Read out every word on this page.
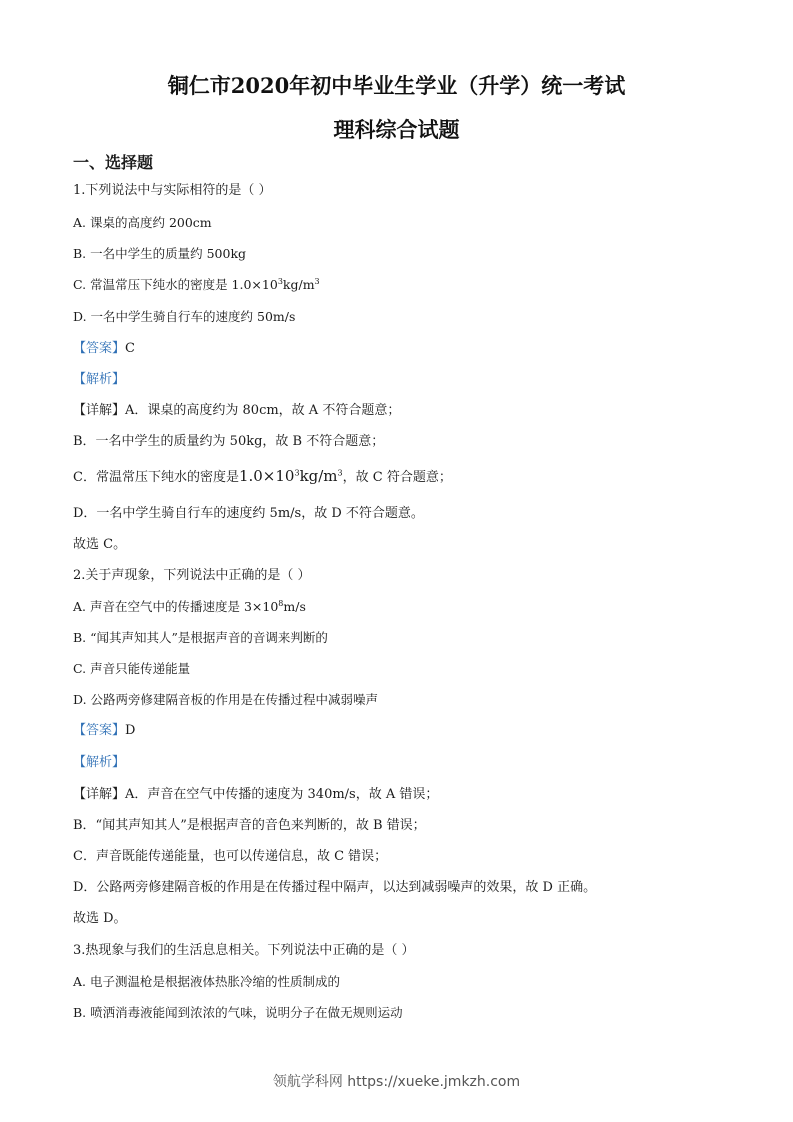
铜仁市2020年初中毕业生学业（升学）统一考试
理科综合试题
一、选择题
1.下列说法中与实际相符的是（ ）
A. 课桌的高度约 200cm
B. 一名中学生的质量约 500kg
C. 常温常压下纯水的密度是 $1.0\times 10^3kg/m^3$
D. 一名中学生骑自行车的速度约 50m/s
【答案】C
【解析】
【详解】A．课桌的高度约为 80cm，故 A 不符合题意；
B．一名中学生的质量约为 50kg，故 B 不符合题意；
C．常温常压下纯水的密度是$1.0\times 10^3kg/m^3$，故 C 符合题意；
D．一名中学生骑自行车的速度约 5m/s，故 D 不符合题意。
故选 C。
2.关于声现象，下列说法中正确的是（ ）
A. 声音在空气中的传播速度是 $3\times 10^8m/s$
B. “闻其声知其人”是根据声音的音调来判断的
C. 声音只能传递能量
D. 公路两旁修建隔音板的作用是在传播过程中减弱噪声
【答案】D
【解析】
【详解】A．声音在空气中传播的速度为 340m/s，故 A 错误；
B．“闻其声知其人”是根据声音的音色来判断的，故 B 错误；
C．声音既能传递能量，也可以传递信息，故 C 错误；
D．公路两旁修建隔音板的作用是在传播过程中隔声，以达到减弱噪声的效果，故 D 正确。
故选 D。
3.热现象与我们的生活息息相关。下列说法中正确的是（ ）
A. 电子测温枪是根据液体热胀冷缩的性质制成的
B. 喷洒消毒液能闻到浓浓的气味，说明分子在做无规则运动
领航学科网 https://xueke.jmkzh.com
